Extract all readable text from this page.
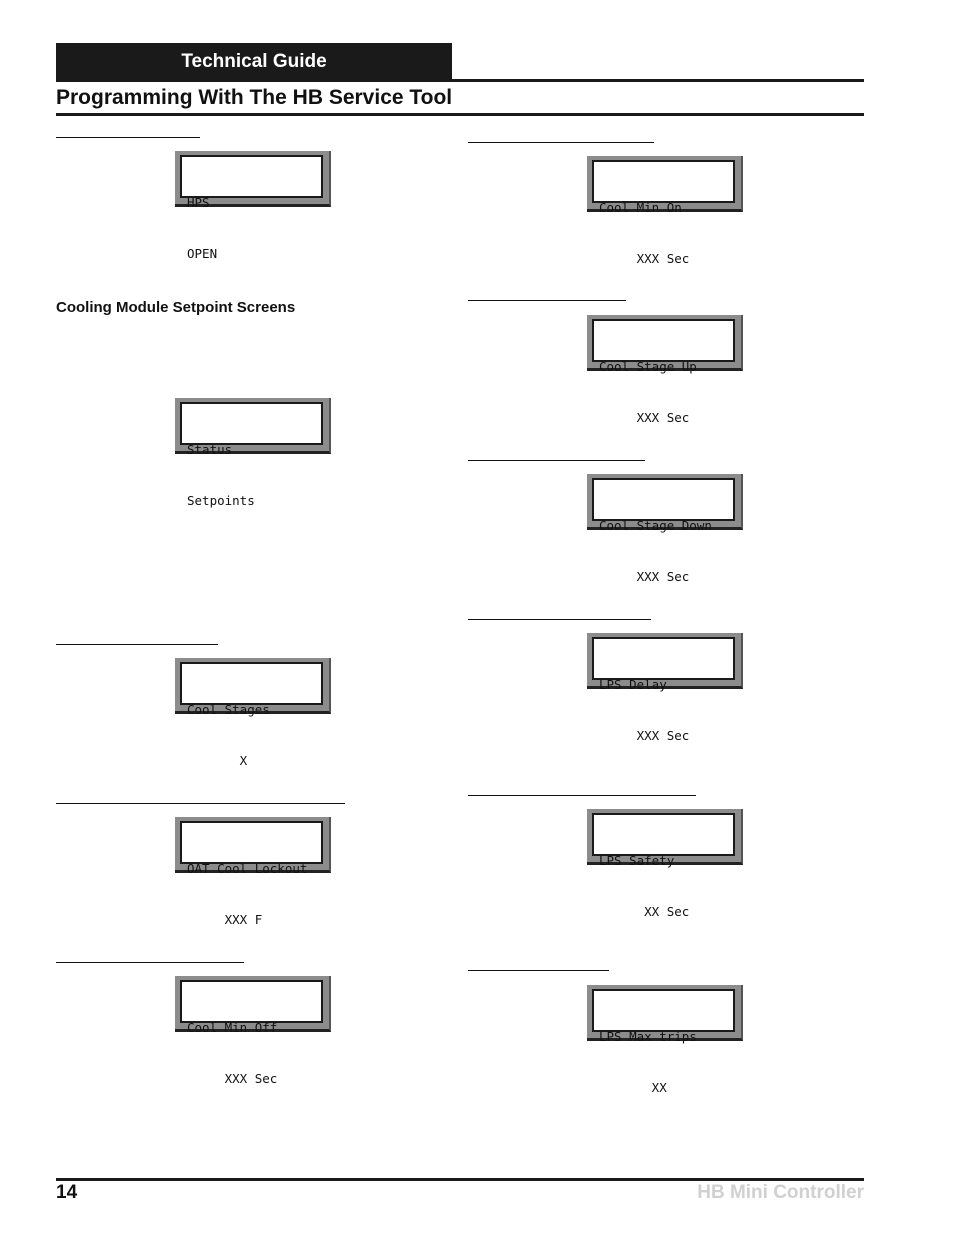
Technical Guide
Programming With The HB Service Tool
Cooling Module Setpoint Screens

HPS

OPEN

Status

Setpoints

Cool Stages

X

OAT Cool Lockout

XXX F

Cool Min Off

XXX Sec

Cool Min On

XXX Sec

Cool Stage Up

XXX Sec

Cool Stage Down

XXX Sec

LPS Delay

XXX Sec

LPS Safety

XX Sec

LPS Max trips

XX

14	HB Mini Controller
